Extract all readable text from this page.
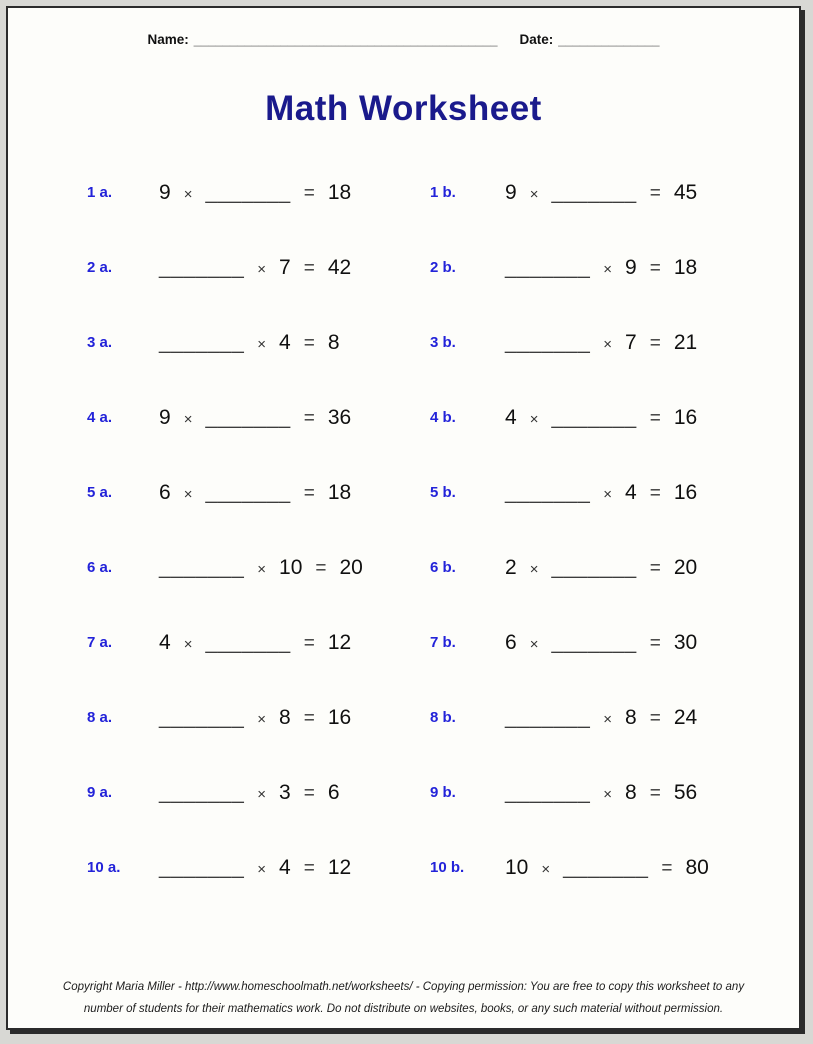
Name: __________________________________________ Date: ______________
Math Worksheet
1 a.	9 × _______ = 18	1 b.	9 × _______ = 45
2 a.	_______ × 7 = 42	2 b.	_______ × 9 = 18
3 a.	_______ × 4 = 8	3 b.	_______ × 7 = 21
4 a.	9 × _______ = 36	4 b.	4 × _______ = 16
5 a.	6 × _______ = 18	5 b.	_______ × 4 = 16
6 a.	_______ × 10 = 20	6 b.	2 × _______ = 20
7 a.	4 × _______ = 12	7 b.	6 × _______ = 30
8 a.	_______ × 8 = 16	8 b.	_______ × 8 = 24
9 a.	_______ × 3 = 6	9 b.	_______ × 8 = 56
10 a.	_______ × 4 = 12	10 b.	10 × _______ = 80
Copyright Maria Miller - http://www.homeschoolmath.net/worksheets/ - Copying permission: You are free to copy this worksheet to any
number of students for their mathematics work. Do not distribute on websites, books, or any such material without permission.
